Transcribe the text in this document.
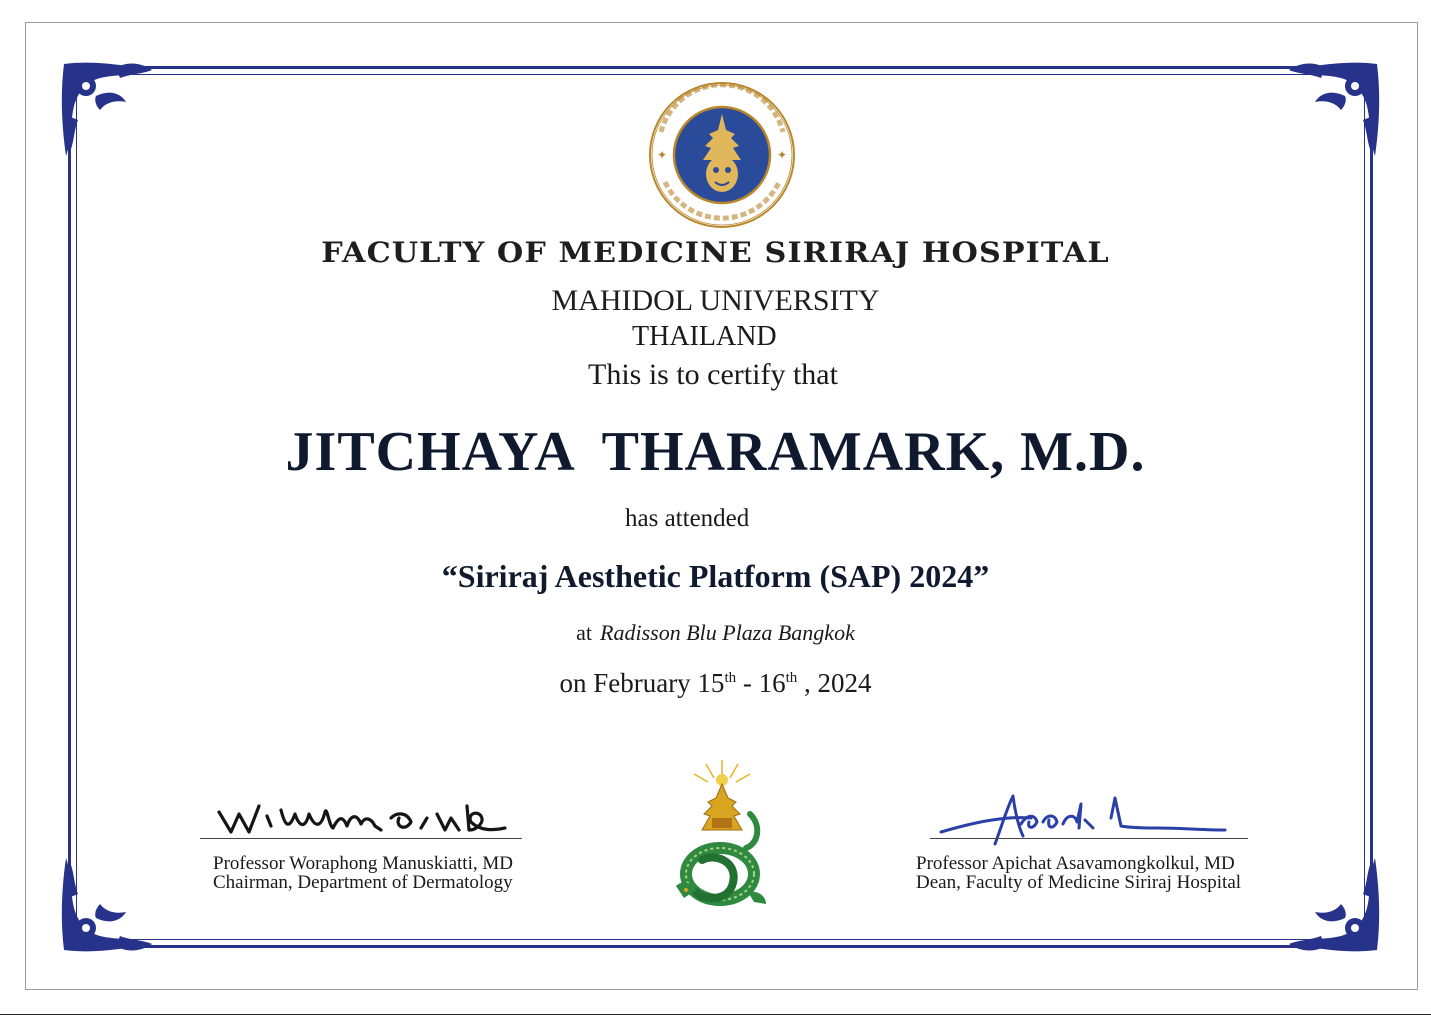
✦	✦
FACULTY OF MEDICINE SIRIRAJ HOSPITAL
MAHIDOL UNIVERSITY
THAILAND
This is to certify that
JITCHAYA  THARAMARK, M.D.
has attended
“Siriraj Aesthetic Platform (SAP) 2024”
at Radisson Blu Plaza Bangkok
on February 15th - 16th , 2024
Professor Woraphong Manuskiatti, MD
Chairman, Department of Dermatology
Professor Apichat Asavamongkolkul, MD
Dean, Faculty of Medicine Siriraj Hospital
